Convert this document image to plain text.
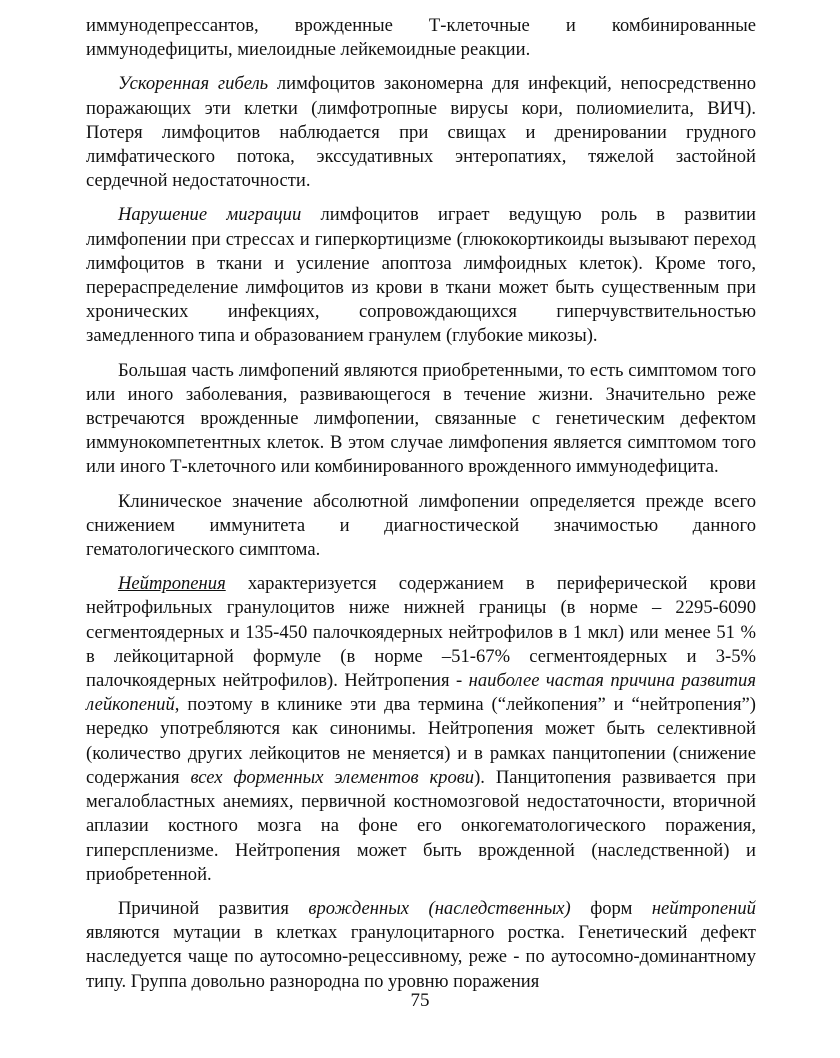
иммунодепрессантов, врожденные Т-клеточные и комбинированные иммунодефициты, миелоидные лейкемоидные реакции.

Ускоренная гибель лимфоцитов закономерна для инфекций, непосредственно поражающих эти клетки (лимфотропные вирусы кори, полиомиелита, ВИЧ). Потеря лимфоцитов наблюдается при свищах и дренировании грудного лимфатического потока, экссудативных энтеропатиях, тяжелой застойной сердечной недостаточности.

Нарушение миграции лимфоцитов играет ведущую роль в развитии лимфопении при стрессах и гиперкортицизме (глюкокортикоиды вызывают переход лимфоцитов в ткани и усиление апоптоза лимфоидных клеток). Кроме того, перераспределение лимфоцитов из крови в ткани может быть существенным при хронических инфекциях, сопровождающихся гиперчувствительностью замедленного типа и образованием гранулем (глубокие микозы).

Большая часть лимфопений являются приобретенными, то есть симптомом того или иного заболевания, развивающегося в течение жизни. Значительно реже встречаются врожденные лимфопении, связанные с генетическим дефектом иммунокомпетентных клеток. В этом случае лимфопения является симптомом того или иного Т-клеточного или комбинированного врожденного иммунодефицита.

Клиническое значение абсолютной лимфопении определяется прежде всего снижением иммунитета и диагностической значимостью данного гематологического симптома.

Нейтропения характеризуется содержанием в периферической крови нейтрофильных гранулоцитов ниже нижней границы (в норме – 2295-6090 сегментоядерных и 135-450 палочкоядерных нейтрофилов в 1 мкл) или менее 51 % в лейкоцитарной формуле (в норме –51-67% сегментоядерных и 3-5% палочкоядерных нейтрофилов). Нейтропения - наиболее частая причина развития лейкопений, поэтому в клинике эти два термина (“лейкопения” и “нейтропения”) нередко употребляются как синонимы. Нейтропения может быть селективной (количество других лейкоцитов не меняется) и в рамках панцитопении (снижение содержания всех форменных элементов крови). Панцитопения развивается при мегалобластных анемиях, первичной костномозговой недостаточности, вторичной аплазии костного мозга на фоне его онкогематологического поражения, гиперспленизме. Нейтропения может быть врожденной (наследственной) и приобретенной.

Причиной развития врожденных (наследственных) форм нейтропений являются мутации в клетках гранулоцитарного ростка. Генетический дефект наследуется чаще по аутосомно-рецессивному, реже - по аутосомно-доминантному типу. Группа довольно разнородна по уровню поражения

75
